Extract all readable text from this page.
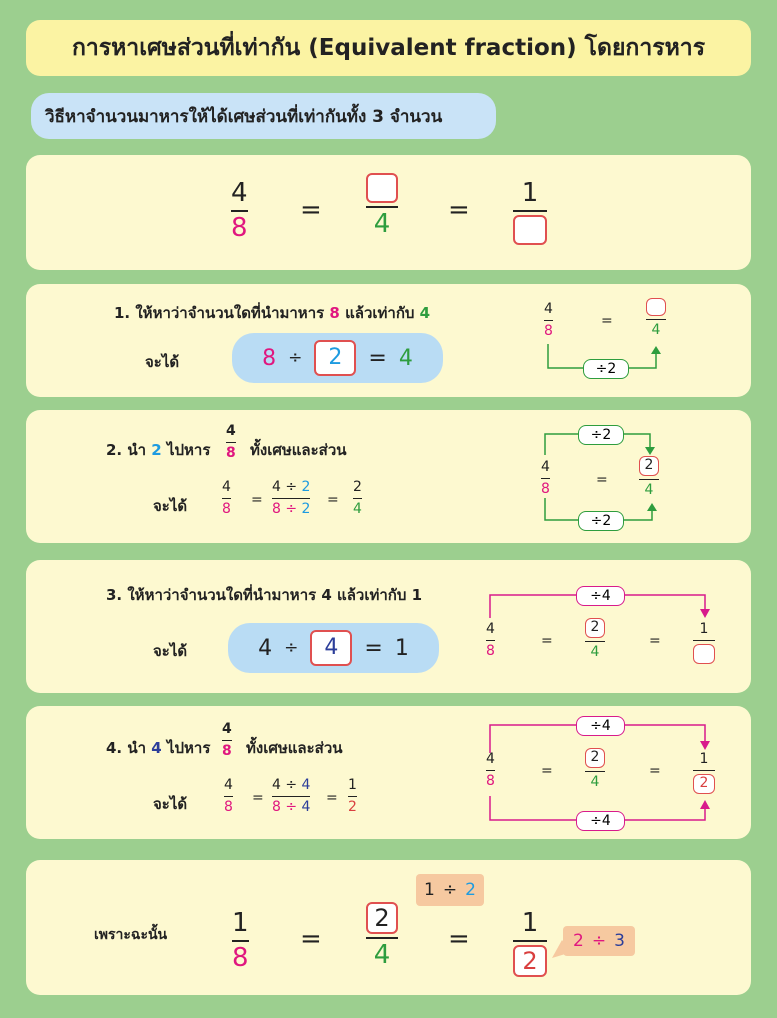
การหาเศษส่วนที่เท่ากัน (Equivalent fraction) โดยการหาร
วิธีหาจำนวนมาหารให้ได้เศษส่วนที่เท่ากันทั้ง 3 จำนวน
4
8
= 4 =
1
1. ให้หาว่าจำนวนใดที่นำมาหาร 8 แล้วเท่ากับ 4
จะได้	8 ÷	2	= 4
4
8
=
4
÷2
2. นำ 2 ไปหาร
4
8 ทั้งเศษและส่วน
จะได้
4
8
=
4 ÷ 2
8 ÷ 2
=
2
4
÷2
4
8
= $\frac{2}{4}$
÷2
3. ให้หาว่าจำนวนใดที่นำมาหาร 4 แล้วเท่ากับ 1
จะได้	4 ÷	4	= 1
÷4
4
8
= $\frac{2}{4}$	=
1
4. นำ 4 ไปหาร
4
8 ทั้งเศษและส่วน
จะได้
4
8
=
4 ÷ 4
8 ÷ 4
=
1
2
÷4
4
8
= $\frac{2}{4}$	= $\frac{1}{2}$
÷4
เพราะฉะนั้น 1
8
= $\frac{2}{4} = \frac{1}{2}$
1 ÷ 2
2 ÷ 3
